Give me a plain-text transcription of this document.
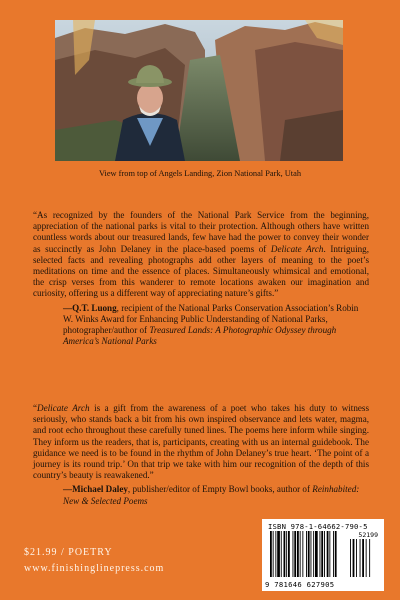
View from top of Angels Landing, Zion National Park, Utah

“As recognized by the founders of the National Park Service from the beginning, appreciation of the national parks is vital to their protection. Although others have written countless words about our treasured lands, few have had the power to convey their wonder as succinctly as John Delaney in the place-based poems of Delicate Arch. Intriguing, selected facts and revealing photographs add other layers of meaning to the poet’s meditations on time and the essence of places. Simultaneously whimsical and emotional, the crisp verses from this wanderer to remote locations awaken our imagination and curiosity, offering us a different way of appreciating nature’s gifts.”

—Q.T. Luong, recipient of the National Parks Conservation Association’s Robin W. Winks Award for Enhancing Public Understanding of National Parks, photographer/author of Treasured Lands: A Photographic Odyssey through America’s National Parks

“Delicate Arch is a gift from the awareness of a poet who takes his duty to witness seriously, who stands back a bit from his own inspired observance and lets water, magma, and root echo throughout these carefully tuned lines. The poems here inform while singing. They inform us the readers, that is, participants, creating with us an internal guidebook. The guidance we need is to be found in the rhythm of John Delaney’s true heart. ‘The point of a journey is its round trip.’ On that trip we take with him our recognition of the depth of this country’s beauty is reawakened.”

—Michael Daley, publisher/editor of Empty Bowl books, author of Reinhabited: New & Selected Poems
$21.99 / POETRY
www.finishinglinepress.com
ISBN 978-1-64662-790-5
52199
9 781646 627905
